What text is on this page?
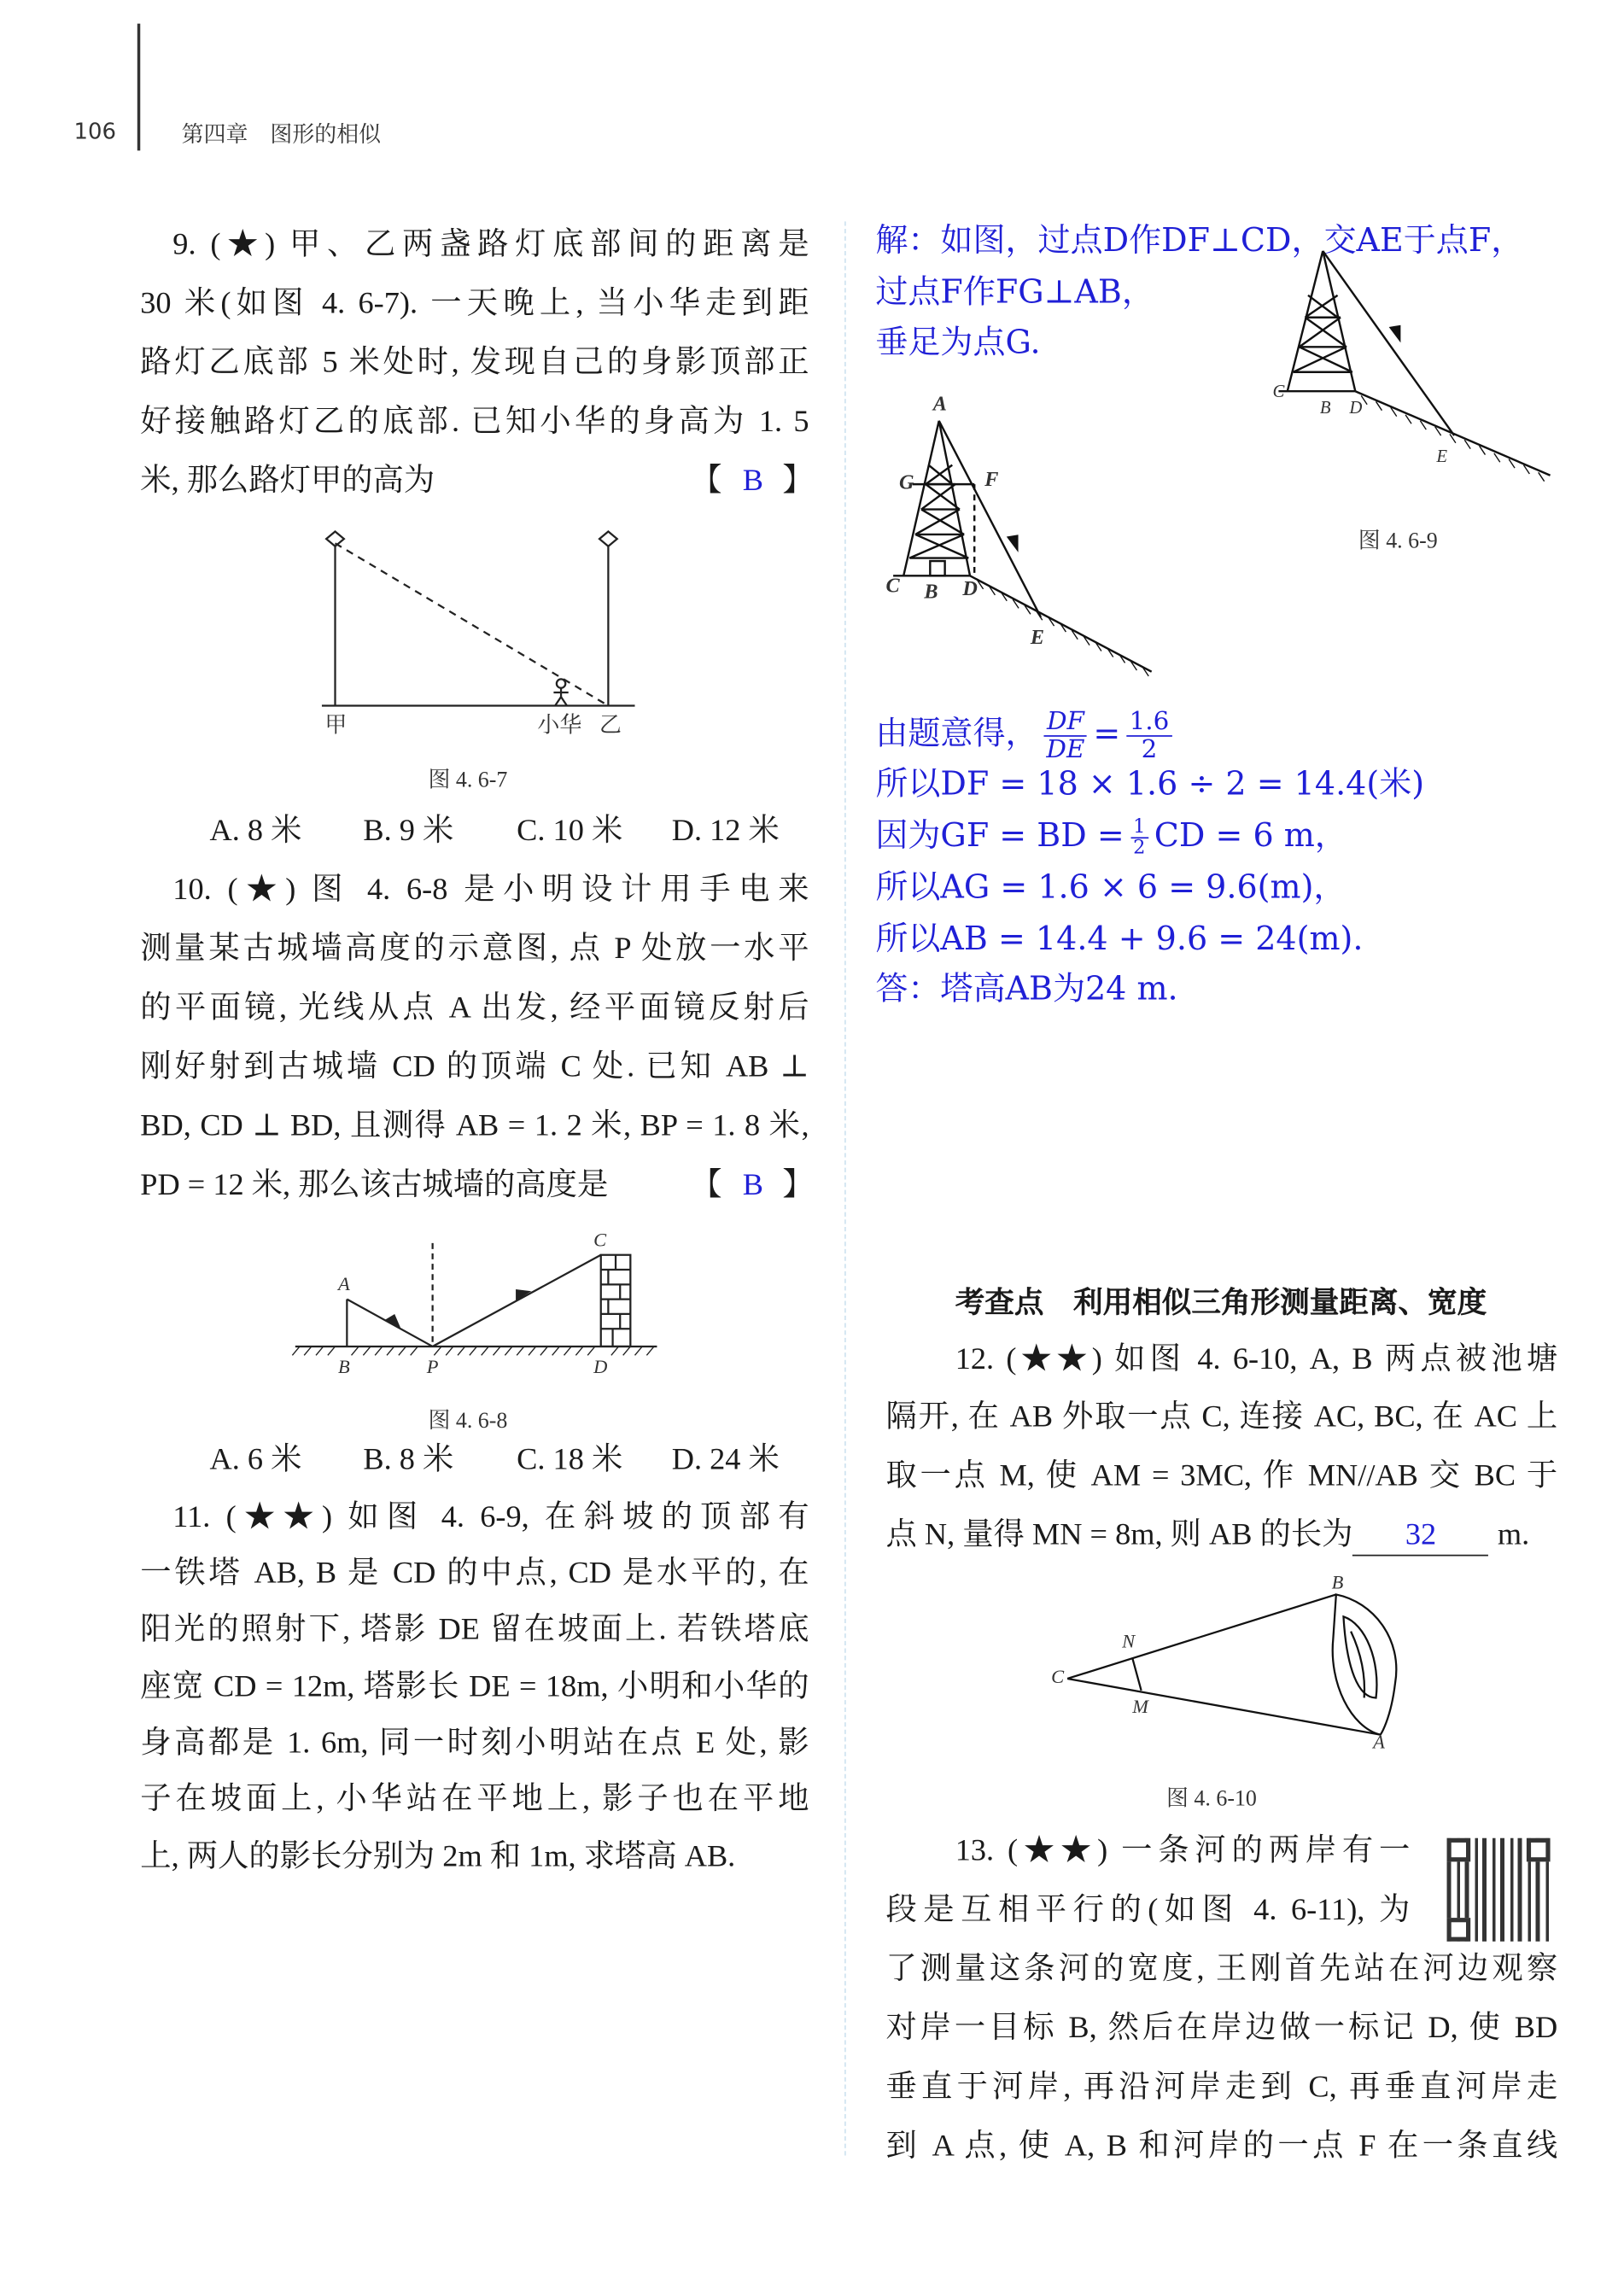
106	第四章　图形的相似
9. (★) 甲、乙两盏路灯底部间的距离是
30 米(如图 4. 6-7). 一天晚上, 当小华走到距
路灯乙底部 5 米处时, 发现自己的身影顶部正
好接触路灯乙的底部. 已知小华的身高为 1. 5
米, 那么路灯甲的高为	【 B 】
甲	小华 乙
图 4. 6-7
A. 8 米	B. 9 米	C. 10 米	D. 12 米
10. (★) 图 4. 6-8 是小明设计用手电来
测量某古城墙高度的示意图, 点 P 处放一水平
的平面镜, 光线从点 A 出发, 经平面镜反射后
刚好射到古城墙 CD 的顶端 C 处. 已知 AB ⊥
BD, CD ⊥ BD, 且测得 AB = 1. 2 米, BP = 1. 8 米,
PD = 12 米, 那么该古城墙的高度是	【 B 】
A
B	P	D
C
图 4. 6-8
A. 6 米	B. 8 米	C. 18 米	D. 24 米
11. (★★) 如图 4. 6-9, 在斜坡的顶部有
一铁塔 AB, B 是 CD 的中点, CD 是水平的, 在
阳光的照射下, 塔影 DE 留在坡面上. 若铁塔底
座宽 CD = 12m, 塔影长 DE = 18m, 小明和小华的
身高都是 1. 6m, 同一时刻小明站在点 E 处, 影
子在坡面上, 小华站在平地上, 影子也在平地
上, 两人的影长分别为 2m 和 1m, 求塔高 AB.
解：如图，过点D作DF⊥CD，交AE于点F，
过点F作FG⊥AB，
垂足为点G.
A
G	F
C B D
E
C
B D
E
图 4. 6-9
由题意得， $\frac{DF}{DE} = \frac{1.6}{2}$
所以DF = 18 × 1.6 ÷ 2 = 14.4(米)
因为GF = BD = $\frac{1}{2}$ CD = 6 m，
所以AG = 1.6 × 6 = 9.6(m)，
所以AB = 14.4 + 9.6 = 24(m).
答：塔高AB为24 m.
考查点　利用相似三角形测量距离、宽度
12. (★★) 如图 4. 6-10, A, B 两点被池塘
隔开, 在 AB 外取一点 C, 连接 AC, BC, 在 AC 上
取一点 M, 使 AM = 3MC, 作 MN//AB 交 BC 于
点 N, 量得 MN = 8m, 则 AB 的长为	32	m.
B
N
C
M
A
图 4. 6-10
13. (★★) 一条河的两岸有一
段是互相平行的(如图 4. 6-11), 为
了测量这条河的宽度, 王刚首先站在河边观察
对岸一目标 B, 然后在岸边做一标记 D, 使 BD
垂直于河岸, 再沿河岸走到 C, 再垂直河岸走
到 A 点, 使 A, B 和河岸的一点 F 在一条直线
